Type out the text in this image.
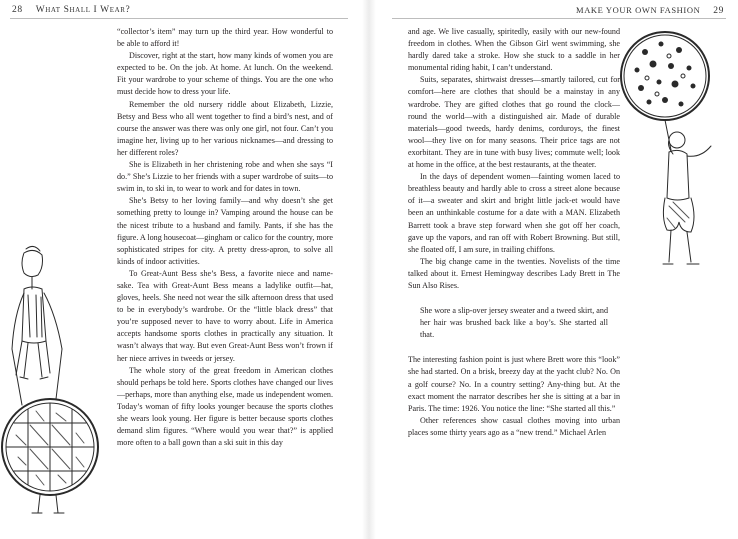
28 What Shall I Wear?	MAKE YOUR OWN FASHION 29

“collector’s item” may turn up the third year. How wonderful to be able to afford it!

Discover, right at the start, how many kinds of women you are expected to be. On the job. At home. At lunch. On the weekend. Fit your wardrobe to your scheme of things. You are the one who must decide how to dress your life.

Remember the old nursery riddle about Elizabeth, Lizzie, Betsy and Bess who all went together to find a bird’s nest, and of course the answer was there was only one girl, not four. Can’t you imagine her, living up to her various nicknames—and dressing to her different roles?

She is Elizabeth in her christening robe and when she says “I do.” She’s Lizzie to her friends with a super wardrobe of suits—to swim in, to ski in, to wear to work and for dates in town.

She’s Betsy to her loving family—and why doesn’t she get something pretty to lounge in? Vamping around the house can be the nicest tribute to a husband and family. Pants, if she has the figure. A long housecoat—gingham or calico for the country, more sophisticated stripes for city. A pretty dress-apron, to solve all kinds of indoor activities.

To Great-Aunt Bess she’s Bess, a favorite niece and name-sake. Tea with Great-Aunt Bess means a ladylike outfit—hat, gloves, heels. She need not wear the silk afternoon dress that used to be in everybody’s wardrobe. Or the “little black dress” that you’re supposed never to have to worry about. Life in America accepts handsome sports clothes in practically any situation. It wasn’t always that way. But even Great-Aunt Bess won’t frown if her niece arrives in tweeds or jersey.

The whole story of the great freedom in American clothes should perhaps be told here. Sports clothes have changed our lives—perhaps, more than anything else, made us independent women. Today’s woman of fifty looks younger because the sports clothes she wears look young. Her figure is better because sports clothes demand slim figures. “Where would you wear that?” is applied more often to a ball gown than a ski suit in this day

and age. We live casually, spiritedly, easily with our new-found freedom in clothes. When the Gibson Girl went swimming, she hardly dared take a stroke. How she stuck to a saddle in her monumental riding habit, I can’t understand.

Suits, separates, shirtwaist dresses—smartly tailored, cut for comfort—here are clothes that should be a mainstay in any wardrobe. They are gifted clothes that go round the clock—round the world—with a distinguished air. Made of durable materials—good tweeds, hardy denims, corduroys, the finest wool—they live on for many seasons. Their price tags are not exorbitant. They are in tune with busy lives; commute well; look at home in the office, at the best restaurants, at the theater.

In the days of dependent women—fainting women laced to breathless beauty and hardly able to cross a street alone because of it—a sweater and skirt and bright little jack-et would have been an unthinkable costume for a date with a MAN. Elizabeth Barrett took a brave step forward when she got off her coach, gave up the vapors, and ran off with Robert Browning. But still, she floated off, I am sure, in trailing chiffons.

The big change came in the twenties. Novelists of the time talked about it. Ernest Hemingway describes Lady Brett in The Sun Also Rises.

She wore a slip-over jersey sweater and a tweed skirt, and her hair was brushed back like a boy’s. She started all that.

The interesting fashion point is just where Brett wore this “look” she had started. On a brisk, breezy day at the yacht club? No. On a golf course? No. In a country setting? Any-thing but. At the exact moment the narrator describes her she is sitting at a bar in Paris. The time: 1926. You notice the line: “She started all this.”

Other references show casual clothes moving into urban places some thirty years ago as a “new trend.” Michael Arlen
